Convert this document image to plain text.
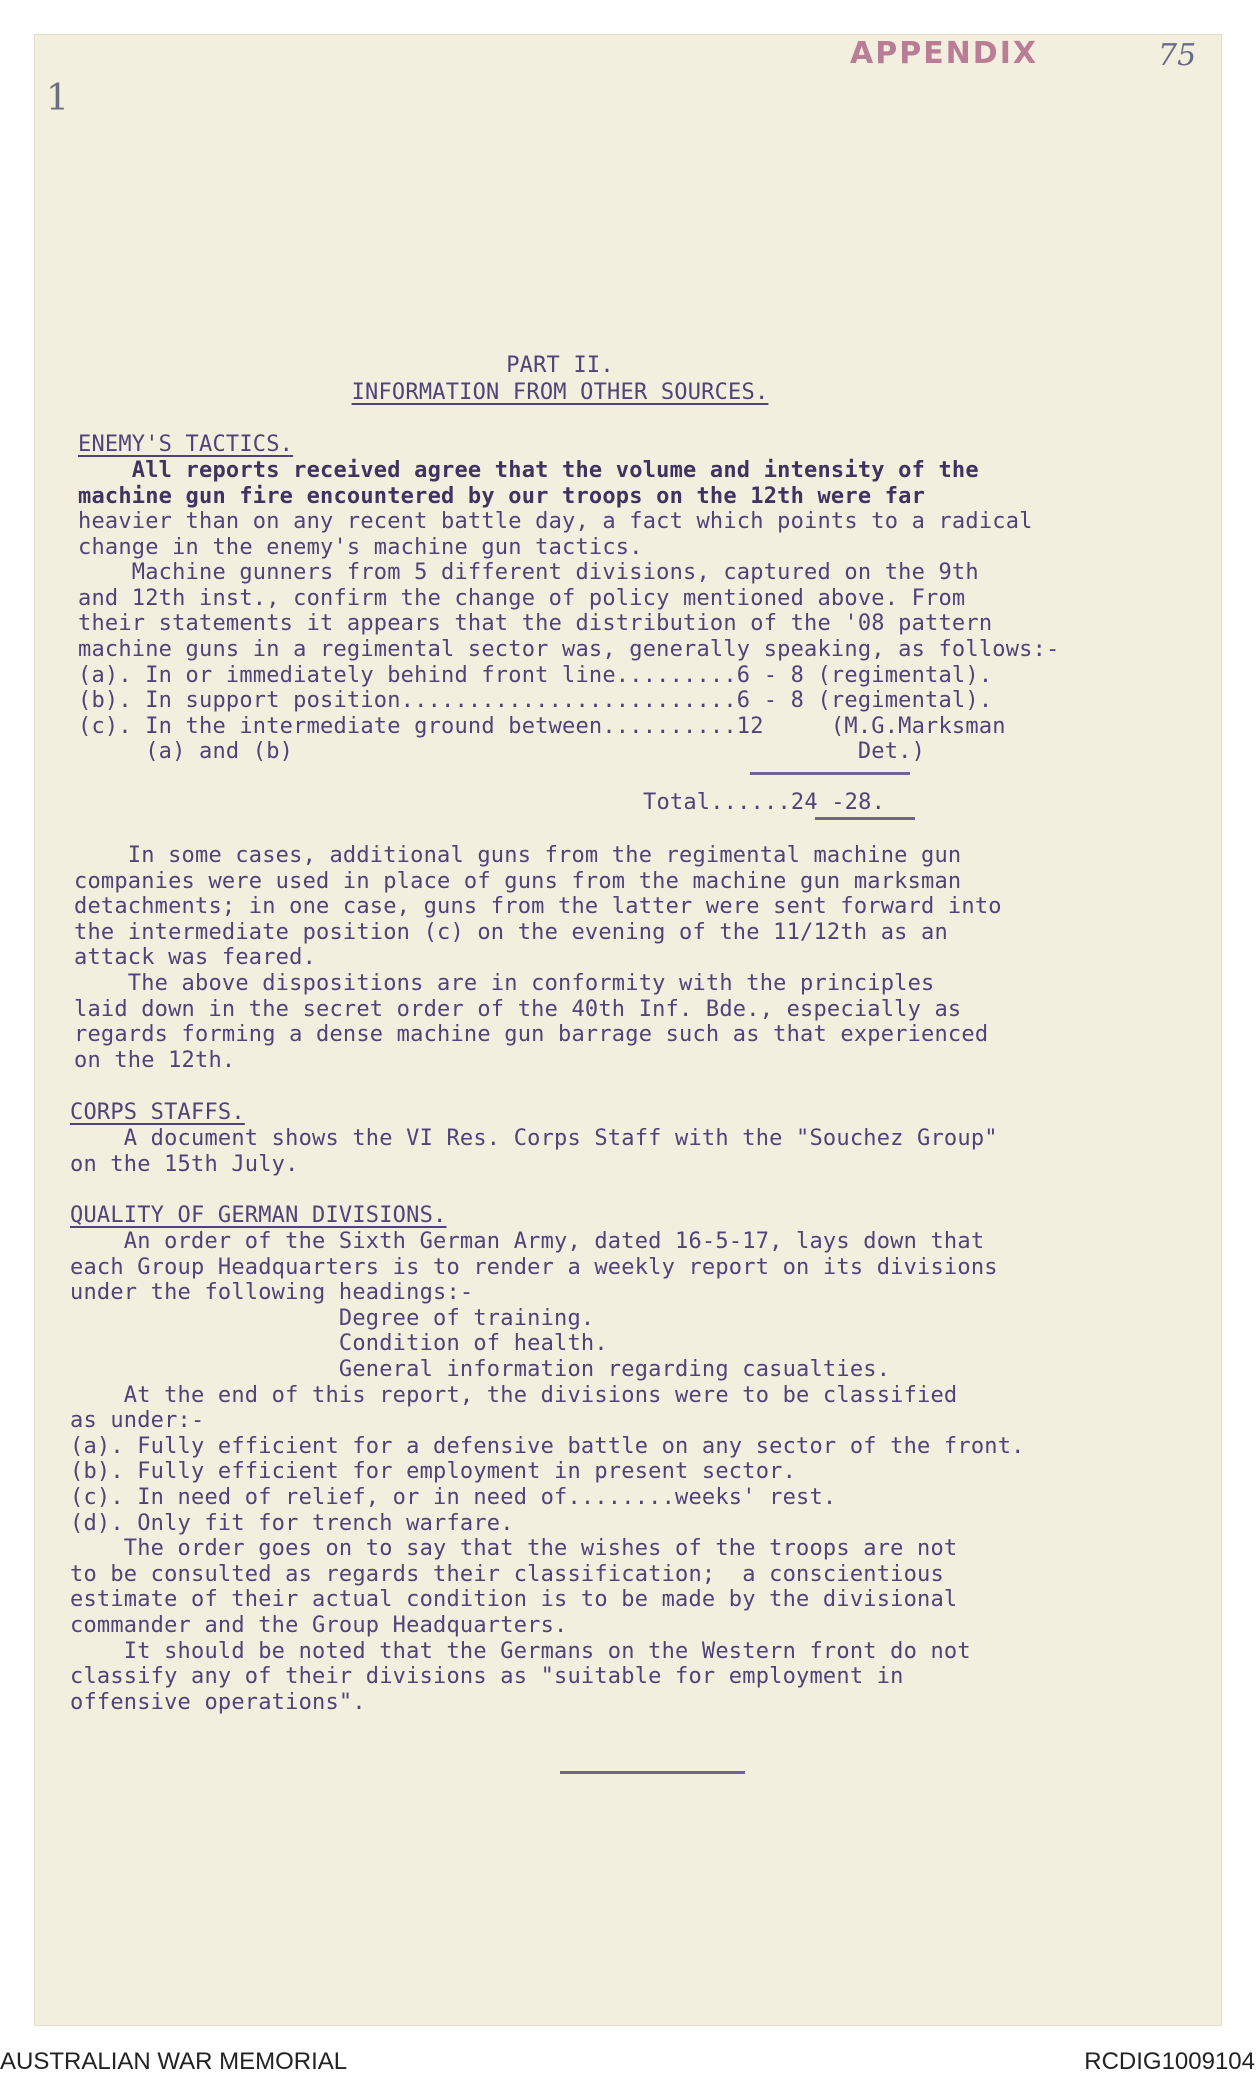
APPENDIX	75
1
PART II.
INFORMATION FROM OTHER SOURCES.
ENEMY'S TACTICS.
All reports received agree that the volume and intensity of the
machine gun fire encountered by our troops on the 12th were far
heavier than on any recent battle day, a fact which points to a radical
change in the enemy's machine gun tactics.
Machine gunners from 5 different divisions, captured on the 9th
and 12th inst., confirm the change of policy mentioned above. From
their statements it appears that the distribution of the '08 pattern
machine guns in a regimental sector was, generally speaking, as follows:-
(a). In or immediately behind front line.........6 - 8 (regimental).
(b). In support position.........................6 - 8 (regimental).
(c). In the intermediate ground between..........12     (M.G.Marksman
(a) and (b)                                          Det.)
Total......24 -28.
In some cases, additional guns from the regimental machine gun
companies were used in place of guns from the machine gun marksman
detachments; in one case, guns from the latter were sent forward into
the intermediate position (c) on the evening of the 11/12th as an
attack was feared.
The above dispositions are in conformity with the principles
laid down in the secret order of the 40th Inf. Bde., especially as
regards forming a dense machine gun barrage such as that experienced
on the 12th.
CORPS STAFFS.
A document shows the VI Res. Corps Staff with the "Souchez Group"
on the 15th July.
QUALITY OF GERMAN DIVISIONS.
An order of the Sixth German Army, dated 16-5-17, lays down that
each Group Headquarters is to render a weekly report on its divisions
under the following headings:-
Degree of training.
Condition of health.
General information regarding casualties.
At the end of this report, the divisions were to be classified
as under:-
(a). Fully efficient for a defensive battle on any sector of the front.
(b). Fully efficient for employment in present sector.
(c). In need of relief, or in need of........weeks' rest.
(d). Only fit for trench warfare.
The order goes on to say that the wishes of the troops are not
to be consulted as regards their classification;  a conscientious
estimate of their actual condition is to be made by the divisional
commander and the Group Headquarters.
It should be noted that the Germans on the Western front do not
classify any of their divisions as "suitable for employment in
offensive operations".
AUSTRALIAN WAR MEMORIAL	RCDIG1009104
